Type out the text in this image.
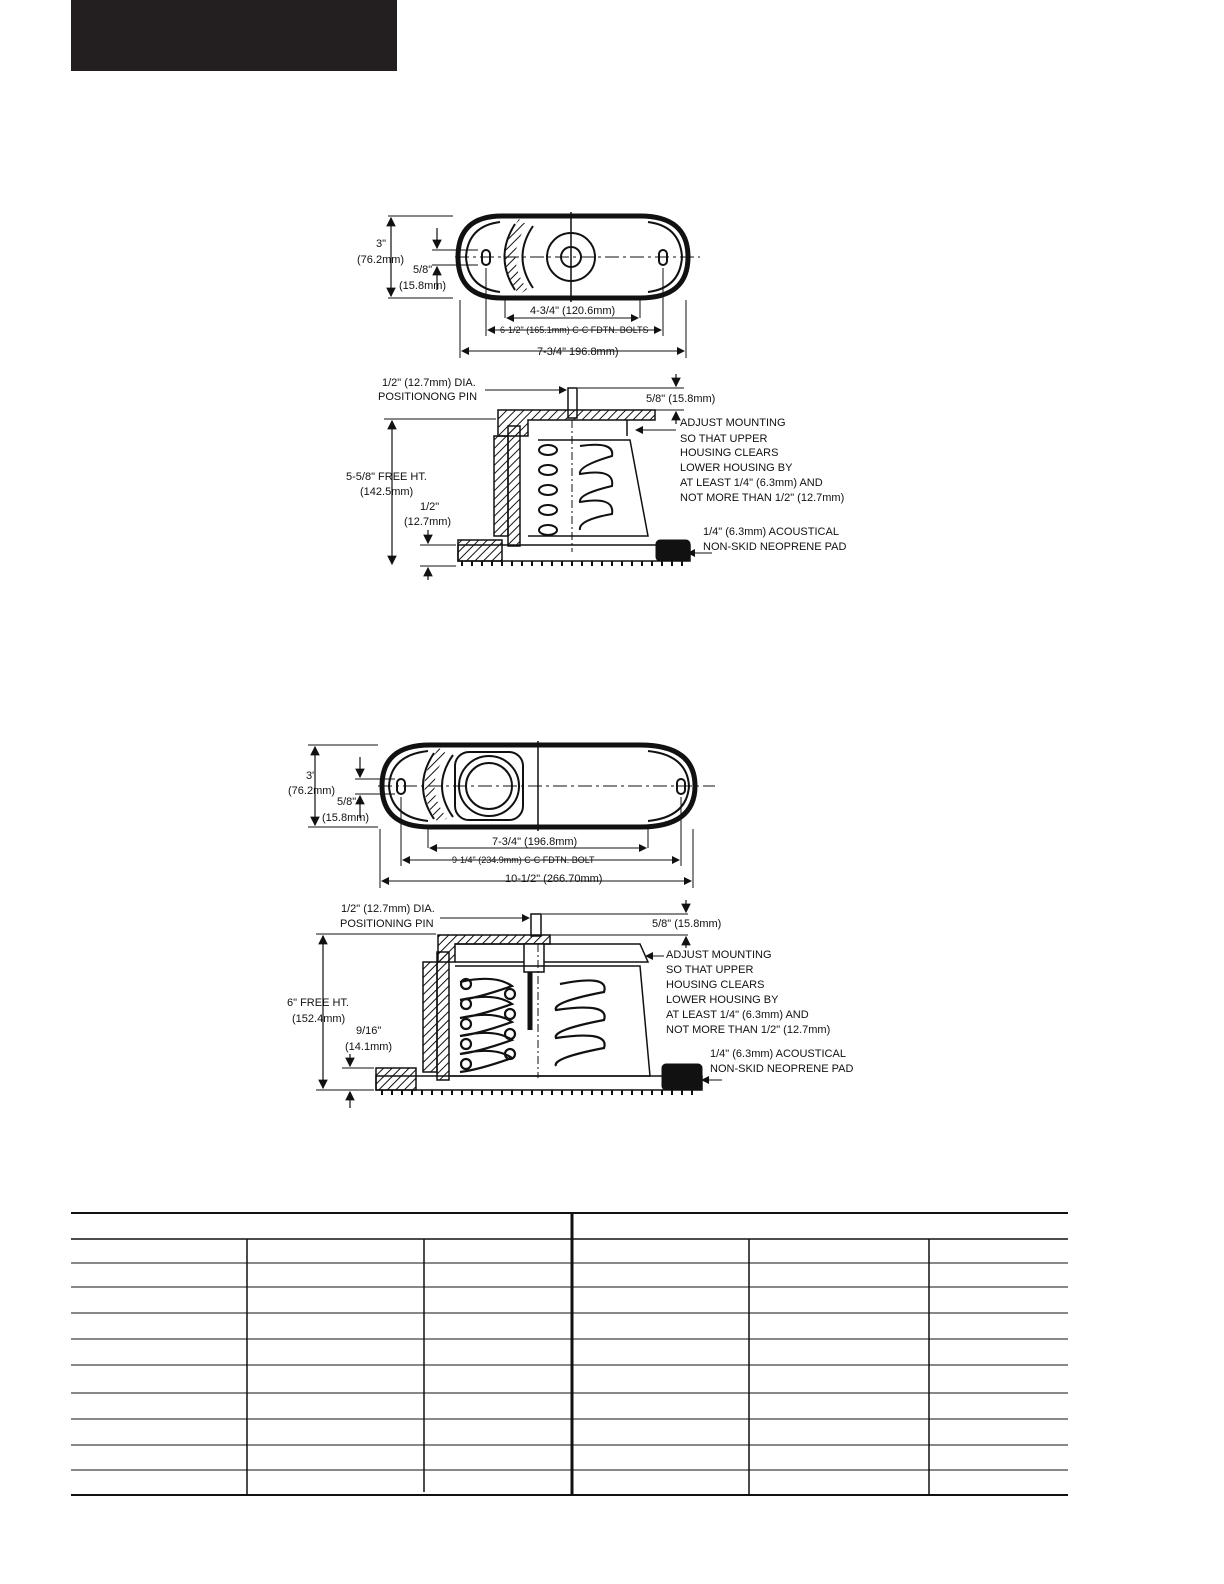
3"
(76.2mm)
5/8"
(15.8mm)
4-3/4" (120.6mm)
6-1/2" (165.1mm) C-C FDTN. BOLTS
7-3/4" 196.8mm)
1/2" (12.7mm) DIA.
POSITIONONG PIN	5/8" (15.8mm)
5-5/8" FREE HT.
(142.5mm)
1/2"
(12.7mm)
ADJUST MOUNTING
SO THAT UPPER
HOUSING CLEARS
LOWER HOUSING BY
AT LEAST 1/4" (6.3mm) AND
NOT MORE THAN 1/2" (12.7mm)
1/4" (6.3mm) ACOUSTICAL
NON-SKID NEOPRENE PAD
3"
(76.2mm)
5/8"
(15.8mm)
7-3/4" (196.8mm)
9-1/4" (234.9mm) C-C FDTN. BOLT
10-1/2" (266.70mm)
1/2" (12.7mm) DIA.
POSITIONING PIN	5/8" (15.8mm)
6" FREE HT.
(152.4mm)
9/16"
(14.1mm)
ADJUST MOUNTING
SO THAT UPPER
HOUSING CLEARS
LOWER HOUSING BY
AT LEAST 1/4" (6.3mm) AND
NOT MORE THAN 1/2" (12.7mm)
1/4" (6.3mm) ACOUSTICAL
NON-SKID NEOPRENE PAD
